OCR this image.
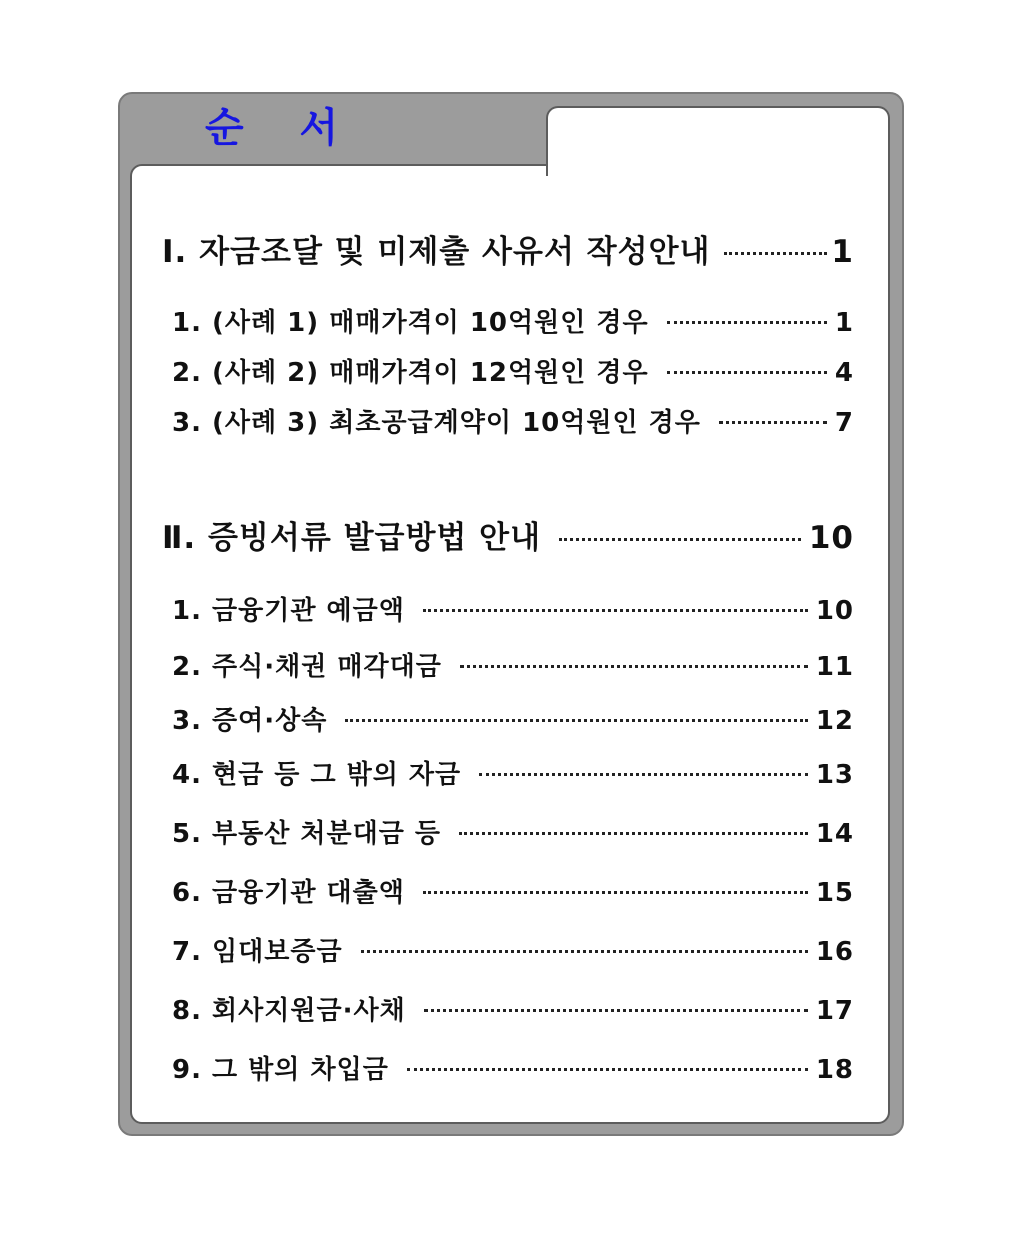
순    서
Ⅰ. 자금조달 및 미제출 사유서 작성안내	1
1. (사례 1) 매매가격이 10억원인 경우	1
2. (사례 2) 매매가격이 12억원인 경우	4
3. (사례 3) 최초공급계약이 10억원인 경우	7
Ⅱ. 증빙서류 발급방법 안내	10
1. 금융기관 예금액	10
2. 주식·채권 매각대금	11
3. 증여·상속	12
4. 현금 등 그 밖의 자금	13
5. 부동산 처분대금 등	14
6. 금융기관 대출액	15
7. 임대보증금	16
8. 회사지원금·사채	17
9. 그 밖의 차입금	18
